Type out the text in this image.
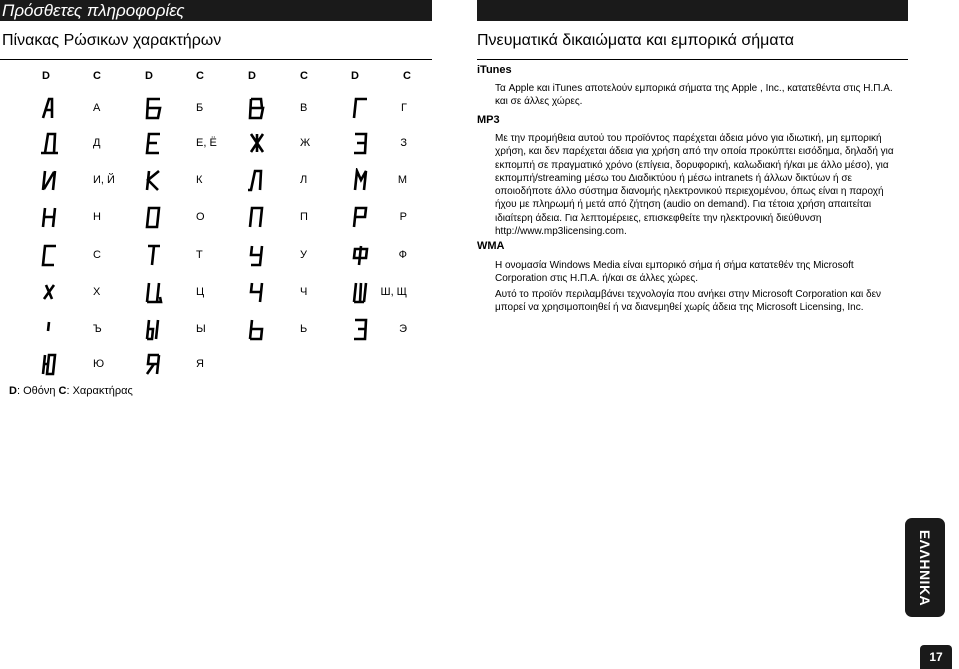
Πρόσθετες πληροφορίες
Πίνακας Ρώσικων χαρακτήρων
D	C	D	C	D	C	D	C
А	Б	В	Г
Д	Е, Ё	Ж	З
И, Й	К	Л	М
Н	О	П	Р
С	Т	У	Ф
Х	Ц	Ч	Ш, Щ
Ъ	Ы	Ь	Э
Ю	Я
D: Οθόνη C: Χαρακτήρας
Πνευματικά δικαιώματα και εμπορικά σήματα
iTunes
Τα Apple και iTunes αποτελούν εμπορικά σήματα της Apple , Inc., κατατεθέντα στις Η.Π.Α. και σε άλλες χώρες.
MP3
Με την προμήθεια αυτού του προϊόντος παρέχεται άδεια μόνο για ιδιωτική, μη εμπορική χρήση, και δεν παρέχεται άδεια για χρήση από την οποία προκύπτει εισόδημα, δηλαδή για εκπομπή σε πραγματικό χρόνο (επίγεια, δορυφορική, καλωδιακή ή/και με άλλο μέσο), για εκπομπή/streaming μέσω του Διαδικτύου ή μέσω intranets ή άλλων δικτύων ή σε οποιοδήποτε άλλο σύστημα διανομής ηλεκτρονικού περιεχομένου, όπως είναι η παροχή ήχου με πληρωμή ή μετά από ζήτηση (audio on demand). Για τέτοια χρήση απαιτείται ιδιαίτερη άδεια. Για λεπτομέρειες, επισκεφθείτε την ηλεκτρονική διεύθυνση http://www.mp3licensing.com.
WMA
Η ονομασία Windows Media είναι εμπορικό σήμα ή σήμα κατατεθέν της Microsoft Corporation στις Η.Π.Α. ή/και σε άλλες χώρες.
Αυτό το προϊόν περιλαμβάνει τεχνολογία που ανήκει στην Microsoft Corporation και δεν μπορεί να χρησιμοποιηθεί ή να διανεμηθεί χωρίς άδεια της Microsoft Licensing, Inc.
ΕΛΛΗΝΙΚΑ
17
